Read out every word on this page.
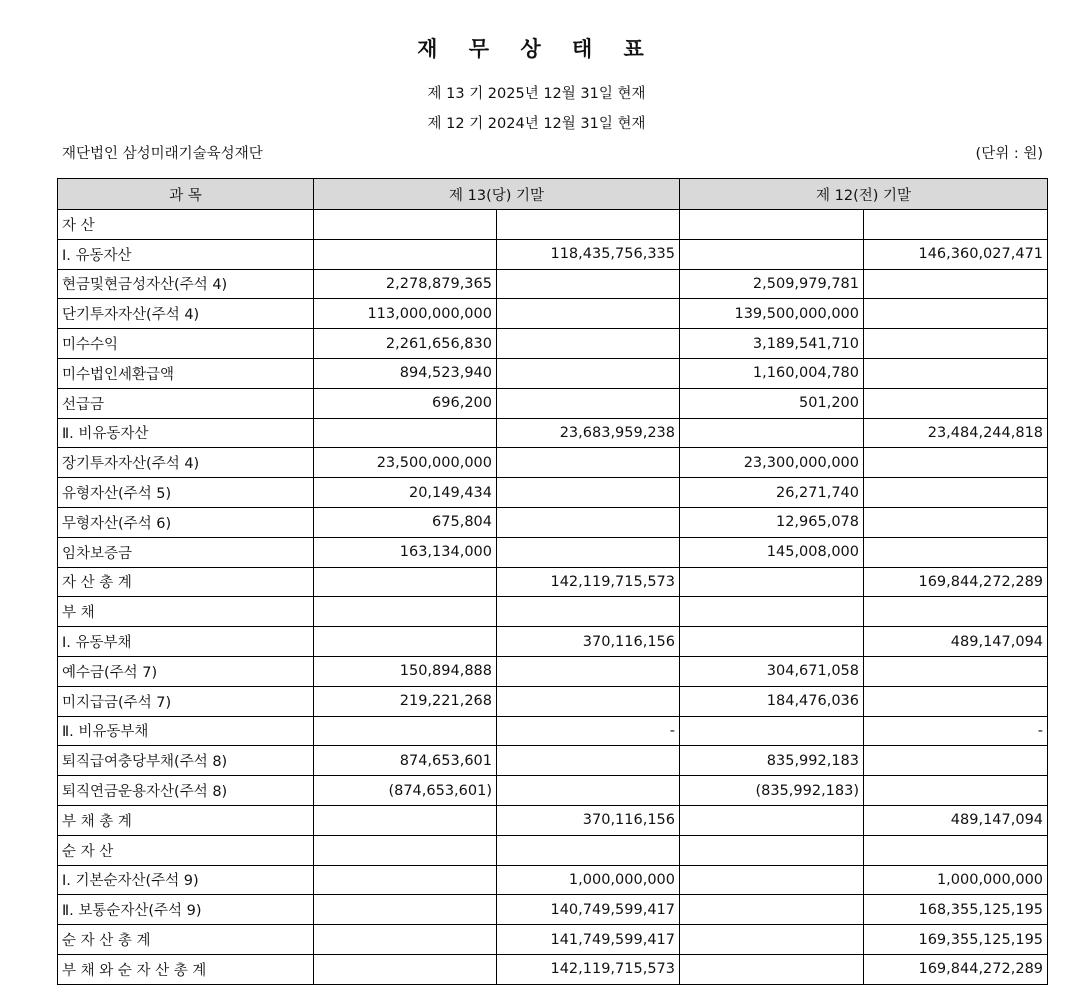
재 무 상 태 표
제 13 기 2025년 12월 31일 현재
제 12 기 2024년 12월 31일 현재
재단법인 삼성미래기술육성재단	(단위 : 원)
과 목	제 13(당) 기말		제 12(전) 기말	
자 산				
Ⅰ. 유동자산		118,435,756,335		146,360,027,471
현금및현금성자산(주석 4)	2,278,879,365		2,509,979,781	
단기투자자산(주석 4)	113,000,000,000		139,500,000,000	
미수수익	2,261,656,830		3,189,541,710	
미수법인세환급액	894,523,940		1,160,004,780	
선급금	696,200		501,200	
Ⅱ. 비유동자산		23,683,959,238		23,484,244,818
장기투자자산(주석 4)	23,500,000,000		23,300,000,000	
유형자산(주석 5)	20,149,434		26,271,740	
무형자산(주석 6)	675,804		12,965,078	
임차보증금	163,134,000		145,008,000	
자 산 총 계		142,119,715,573		169,844,272,289
부 채				
Ⅰ. 유동부채		370,116,156		489,147,094
예수금(주석 7)	150,894,888		304,671,058	
미지급금(주석 7)	219,221,268		184,476,036	
Ⅱ. 비유동부채		-		-
퇴직급여충당부채(주석 8)	874,653,601		835,992,183	
퇴직연금운용자산(주석 8)	(874,653,601)		(835,992,183)	
부 채 총 계		370,116,156		489,147,094
순 자 산				
Ⅰ. 기본순자산(주석 9)		1,000,000,000		1,000,000,000
Ⅱ. 보통순자산(주석 9)		140,749,599,417		168,355,125,195
순 자 산 총 계		141,749,599,417		169,355,125,195
부 채 와 순 자 산 총 계		142,119,715,573		169,844,272,289
